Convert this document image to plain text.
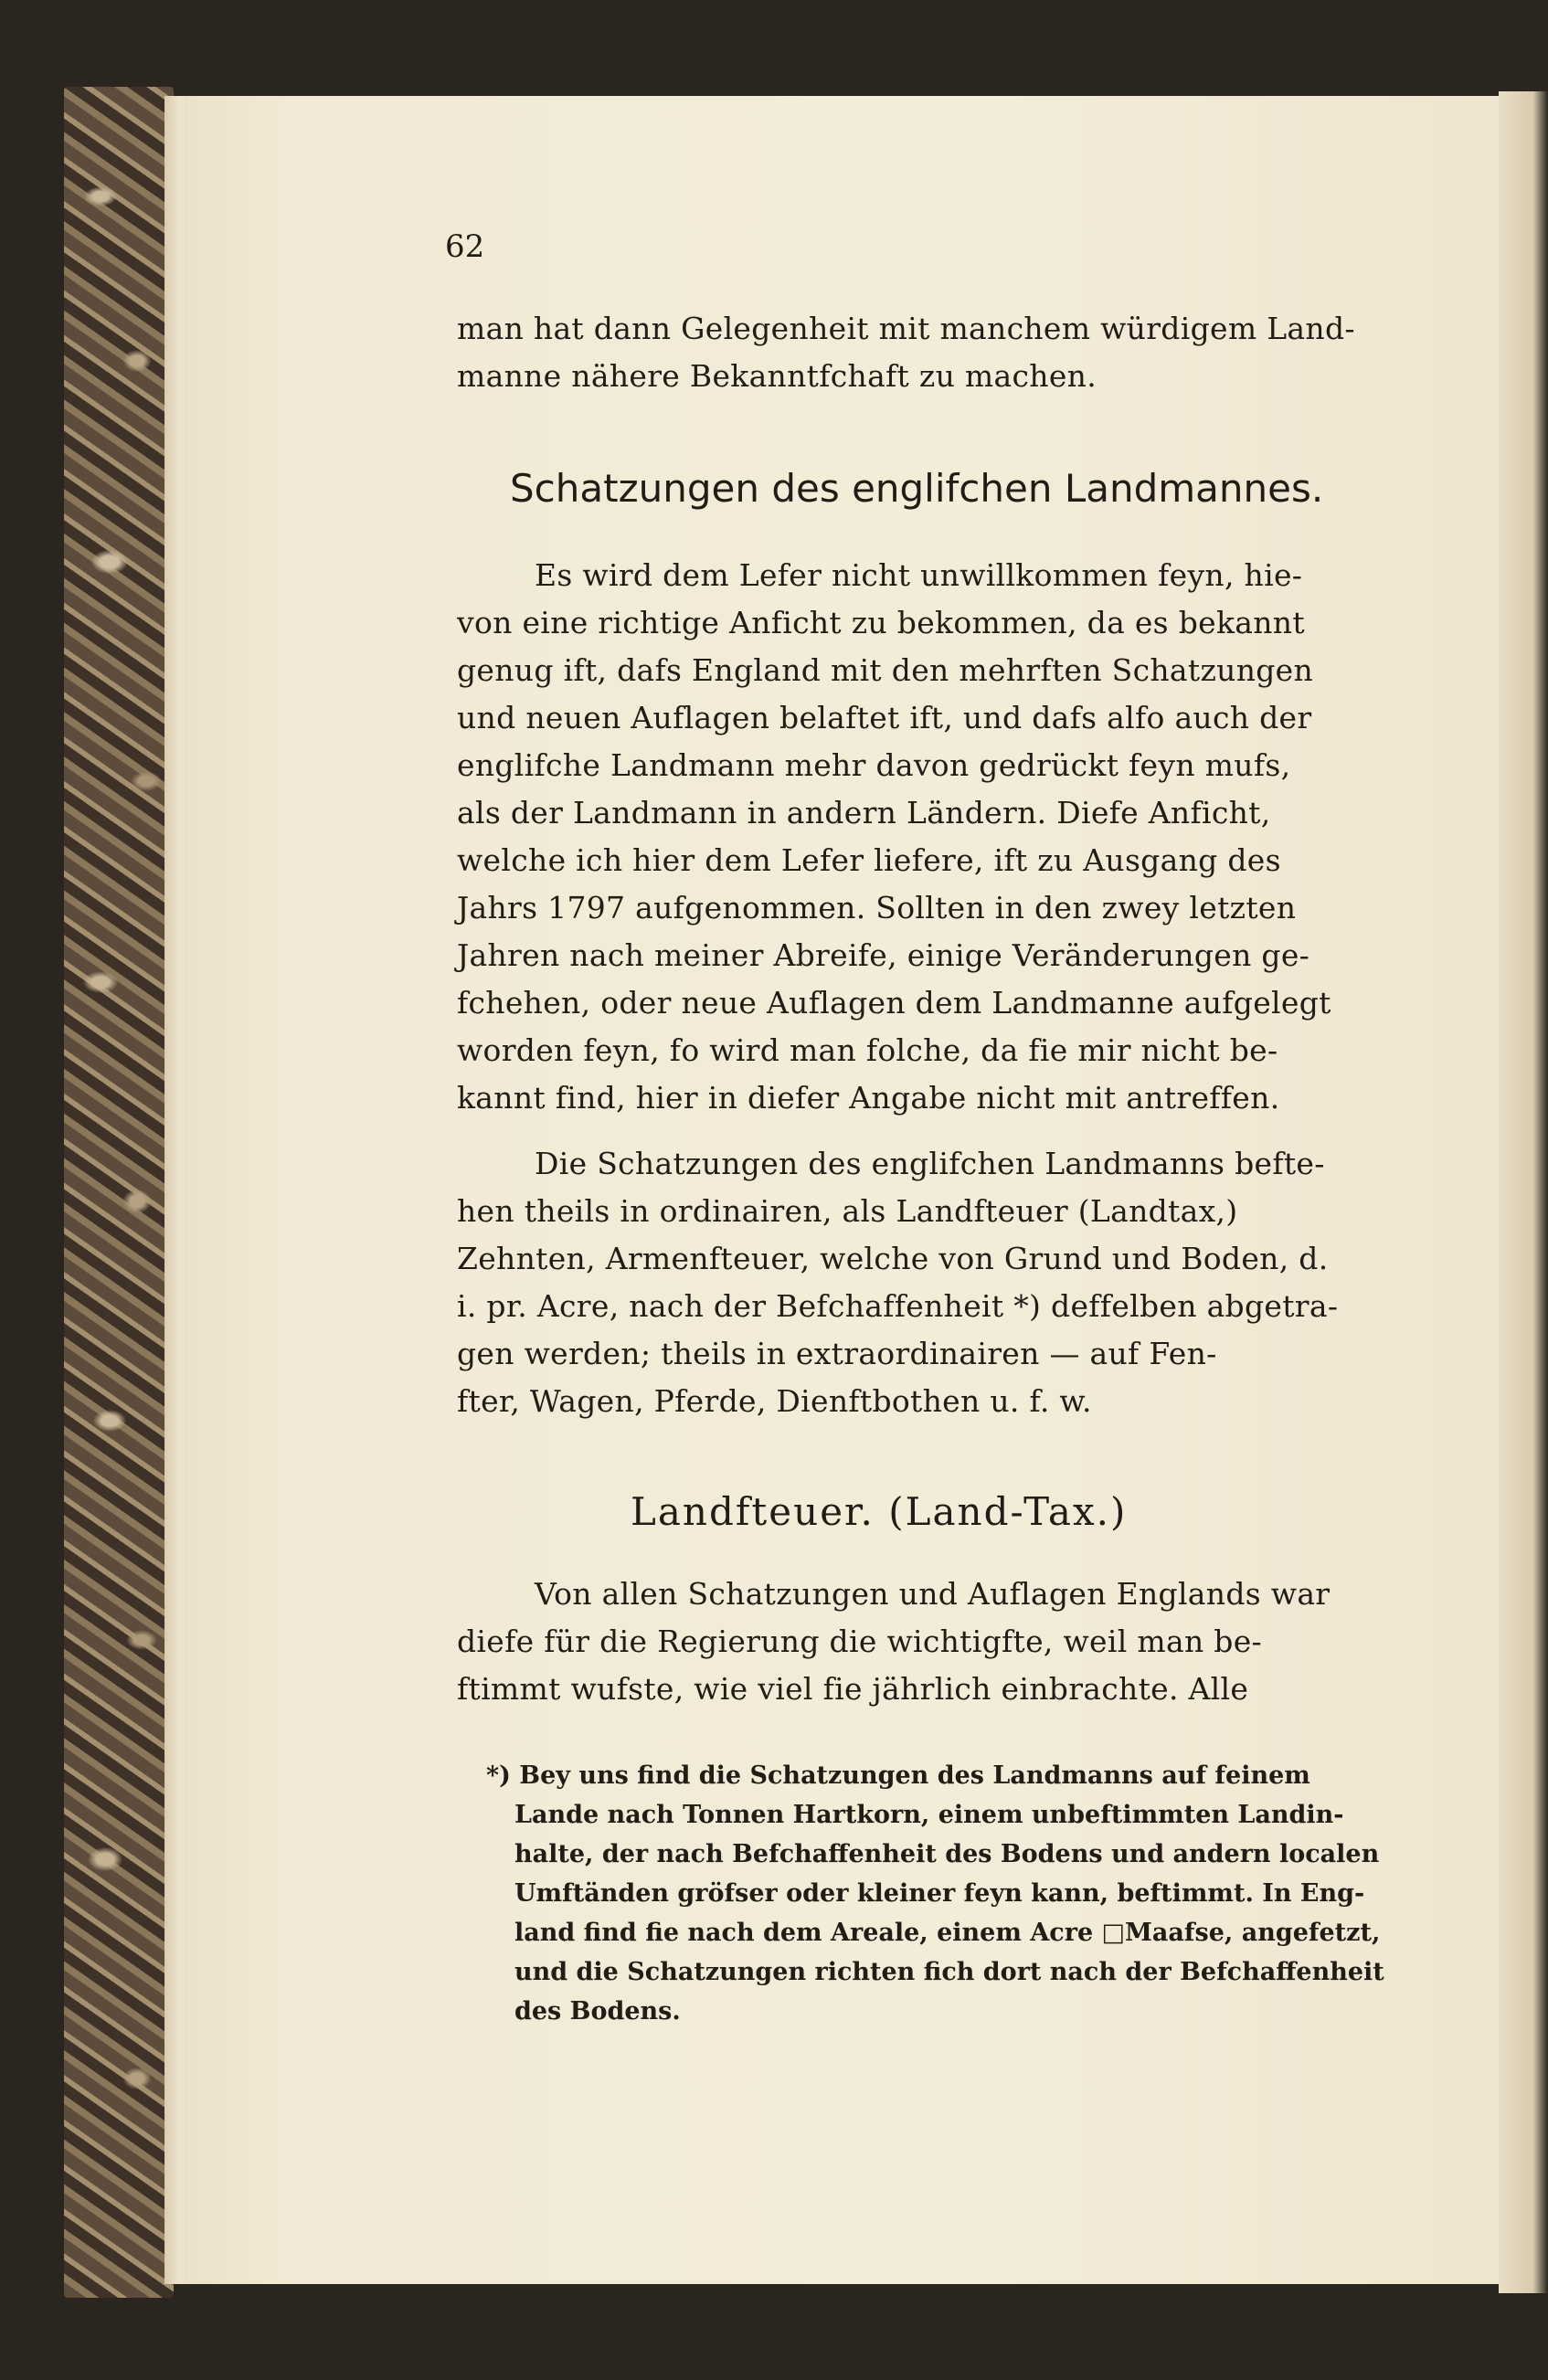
62
man hat dann Gelegenheit mit manchem würdigem Land-
manne nähere Bekanntfchaft zu machen.
Schatzungen des englifchen Landmannes.
Es wird dem Lefer nicht unwillkommen feyn, hie-
von eine richtige Anficht zu bekommen, da es bekannt
genug ift, dafs England mit den mehrften Schatzungen
und neuen Auflagen belaftet ift, und dafs alfo auch der
englifche Landmann mehr davon gedrückt feyn mufs,
als der Landmann in andern Ländern. Diefe Anficht,
welche ich hier dem Lefer liefere, ift zu Ausgang des
Jahrs 1797 aufgenommen. Sollten in den zwey letzten
Jahren nach meiner Abreife, einige Veränderungen ge-
fchehen, oder neue Auflagen dem Landmanne aufgelegt
worden feyn, fo wird man folche, da fie mir nicht be-
kannt find, hier in diefer Angabe nicht mit antreffen.
Die Schatzungen des englifchen Landmanns befte-
hen theils in ordinairen, als Landfteuer (Landtax,)
Zehnten, Armenfteuer, welche von Grund und Boden, d.
i. pr. Acre, nach der Befchaffenheit *) deffelben abgetra-
gen werden; theils in extraordinairen — auf Fen-
fter, Wagen, Pferde, Dienftbothen u. f. w.
Landfteuer. (Land-Tax.)
Von allen Schatzungen und Auflagen Englands war
diefe für die Regierung die wichtigfte, weil man be-
ftimmt wufste, wie viel fie jährlich einbrachte. Alle
*) Bey uns find die Schatzungen des Landmanns auf feinem
Lande nach Tonnen Hartkorn, einem unbeftimmten Landin-
halte, der nach Befchaffenheit des Bodens und andern localen
Umftänden gröfser oder kleiner feyn kann, beftimmt. In Eng-
land find fie nach dem Areale, einem Acre □Maafse, angefetzt,
und die Schatzungen richten fich dort nach der Befchaffenheit
des Bodens.
